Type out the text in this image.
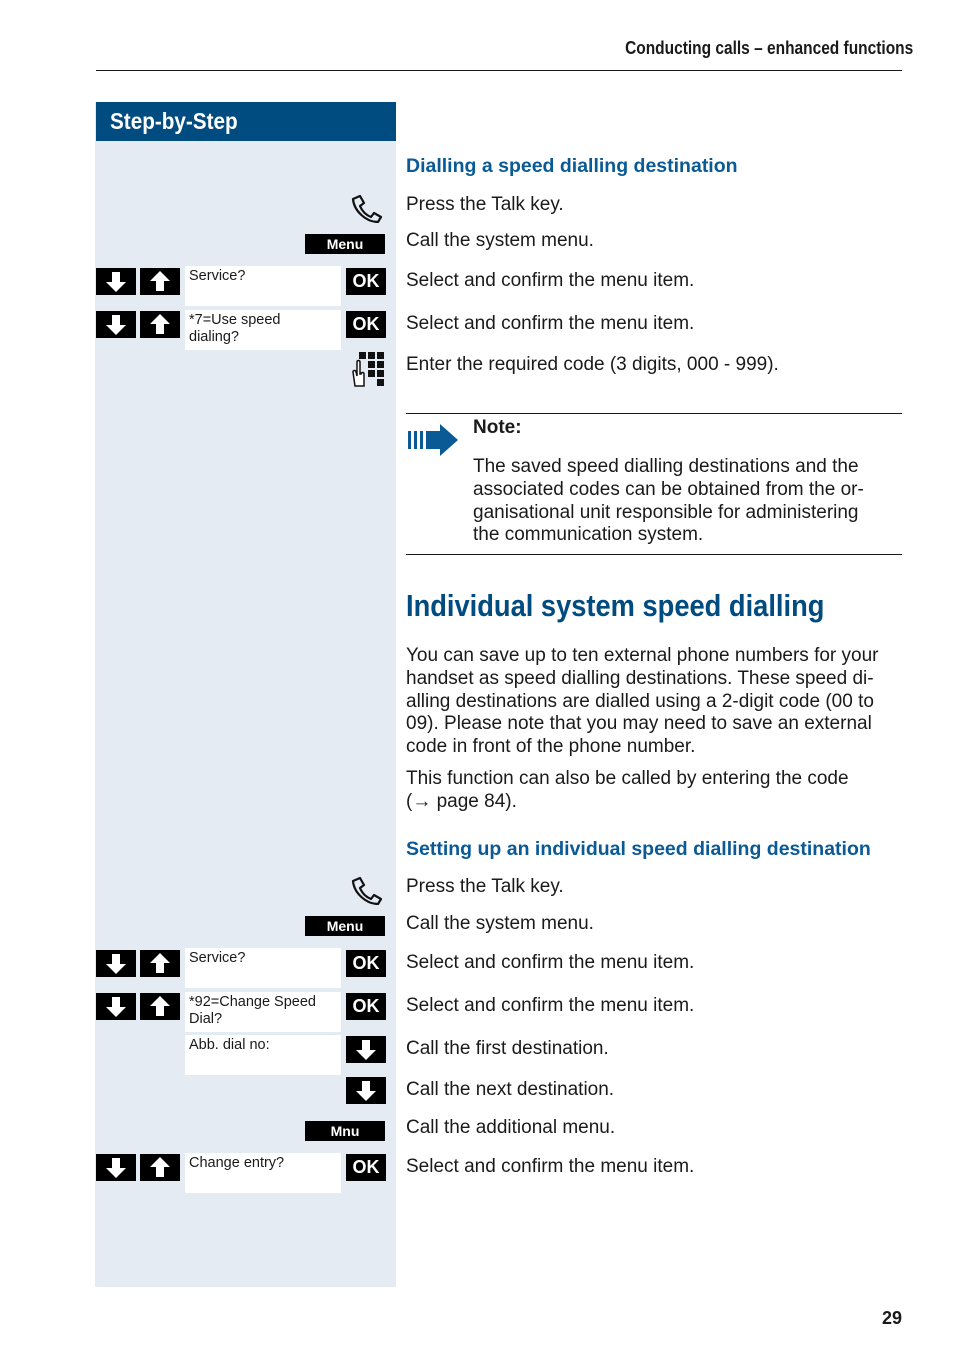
Conducting calls – enhanced functions
Step-by-Step
Dialling a speed dialling destination
Press the Talk key.
Menu	Call the system menu.
Service?	OK	Select and confirm the menu item.
*7=Use speed
dialing?
OK	Select and confirm the menu item.
Enter the required code (3 digits, 000 - 999).
Note:
The saved speed dialling destinations and the
associated codes can be obtained from the or-
ganisational unit responsible for administering
the communication system.
Individual system speed dialling

You can save up to ten external phone numbers for your

handset as speed dialling destinations. These speed di-

alling destinations are dialled using a 2-digit code (00 to

09). Please note that you may need to save an external

code in front of the phone number.

This function can also be called by entering the code

(→ page 84).

Setting up an individual speed dialling destination
Press the Talk key.
Menu	Call the system menu.
Service?	OK	Select and confirm the menu item.
*92=Change Speed
Dial?
OK	Select and confirm the menu item.
Abb. dial no:	Call the first destination.
Call the next destination.
Mnu	Call the additional menu.
Change entry?	OK	Select and confirm the menu item.
29
